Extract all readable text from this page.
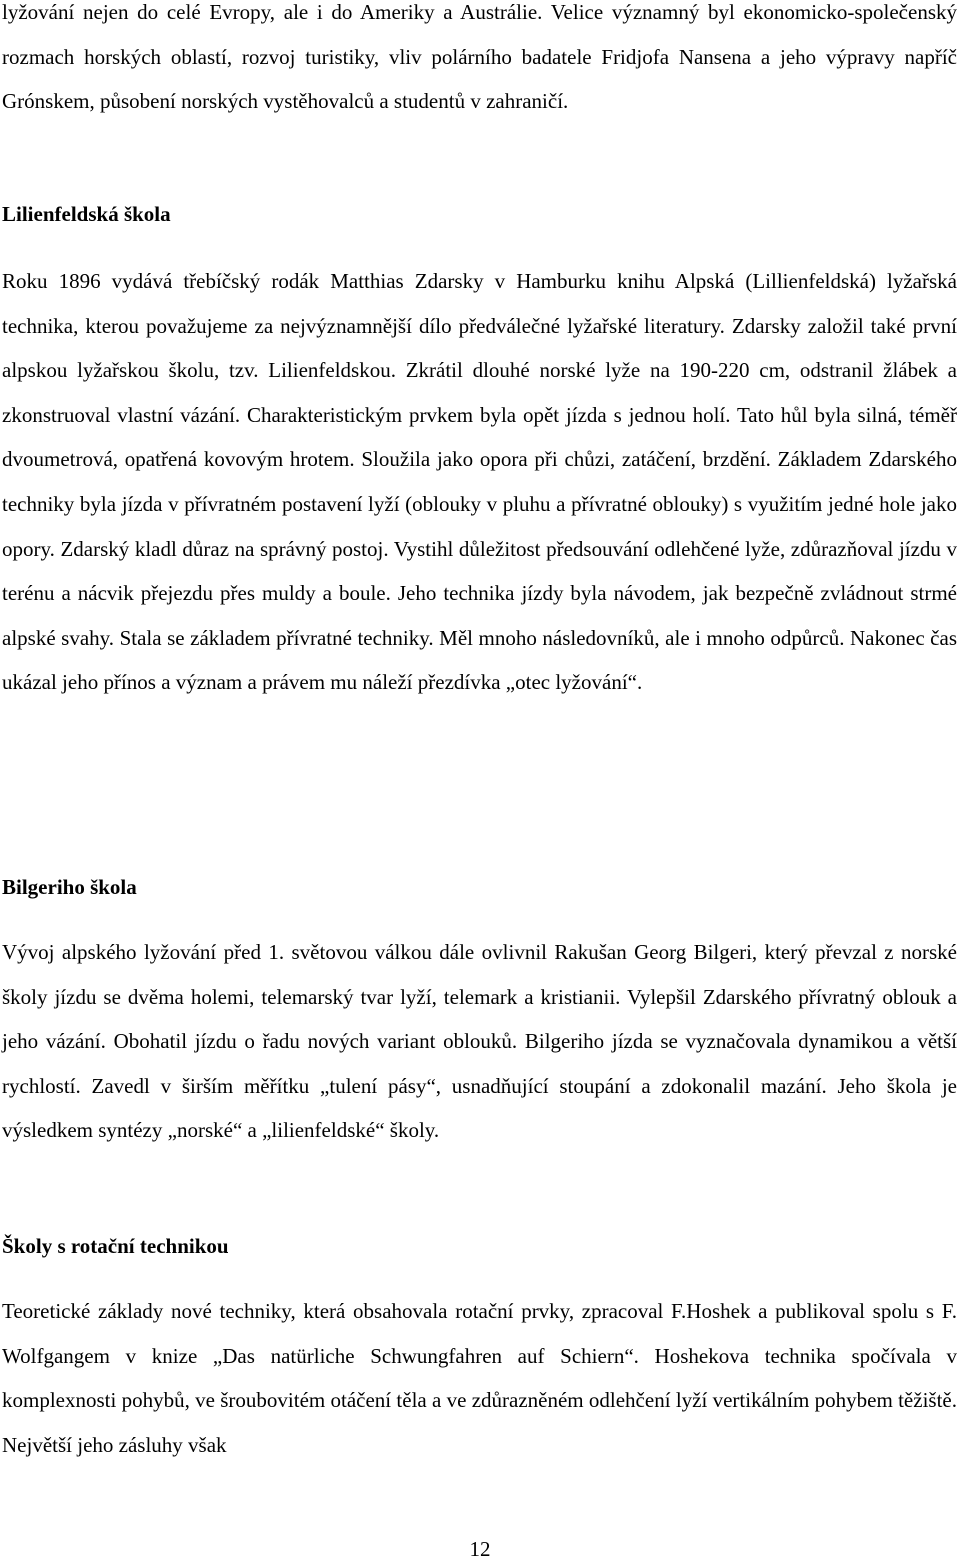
lyžování nejen do celé Evropy, ale i do Ameriky a Austrálie. Velice významný byl ekonomicko-společenský rozmach horských oblastí, rozvoj turistiky, vliv polárního badatele Fridjofa Nansena a jeho výpravy napříč Grónskem, působení norských vystěhovalců a studentů v zahraničí.

Lilienfeldská škola

Roku 1896 vydává třebíčský rodák Matthias Zdarsky v Hamburku knihu Alpská (Lillienfeldská) lyžařská technika, kterou považujeme za nejvýznamnější dílo předválečné lyžařské literatury. Zdarsky založil také první alpskou lyžařskou školu, tzv. Lilienfeldskou. Zkrátil dlouhé norské lyže na 190-220 cm, odstranil žlábek a zkonstruoval vlastní vázání. Charakteristickým prvkem byla opět jízda s jednou holí. Tato hůl byla silná, téměř dvoumetrová, opatřená kovovým hrotem. Sloužila jako opora při chůzi, zatáčení, brzdění. Základem Zdarského techniky byla jízda v přívratném postavení lyží (oblouky v pluhu a přívratné oblouky) s využitím jedné hole jako opory. Zdarský kladl důraz na správný postoj. Vystihl důležitost předsouvání odlehčené lyže, zdůrazňoval jízdu v terénu a nácvik přejezdu přes muldy a boule. Jeho technika jízdy byla návodem, jak bezpečně zvládnout strmé alpské svahy. Stala se základem přívratné techniky. Měl mnoho následovníků, ale i mnoho odpůrců. Nakonec čas ukázal jeho přínos a význam a právem mu náleží přezdívka „otec lyžování“.

Bilgeriho škola

Vývoj alpského lyžování před 1. světovou válkou dále ovlivnil Rakušan Georg Bilgeri, který převzal z norské školy jízdu se dvěma holemi, telemarský tvar lyží, telemark a kristianii. Vylepšil Zdarského přívratný oblouk a jeho vázání. Obohatil jízdu o řadu nových variant oblouků. Bilgeriho jízda se vyznačovala dynamikou a větší rychlostí. Zavedl v širším měřítku „tulení pásy“, usnadňující stoupání a zdokonalil mazání. Jeho škola je výsledkem syntézy „norské“ a „lilienfeldské“ školy.

Školy s rotační technikou

Teoretické základy nové techniky, která obsahovala rotační prvky, zpracoval F.Hoshek a publikoval spolu s F. Wolfgangem v knize „Das natürliche Schwungfahren auf Schiern“. Hoshekova technika spočívala v komplexnosti pohybů, ve šroubovitém otáčení těla a ve zdůrazněném odlehčení lyží vertikálním pohybem těžiště. Největší jeho zásluhy však

12
